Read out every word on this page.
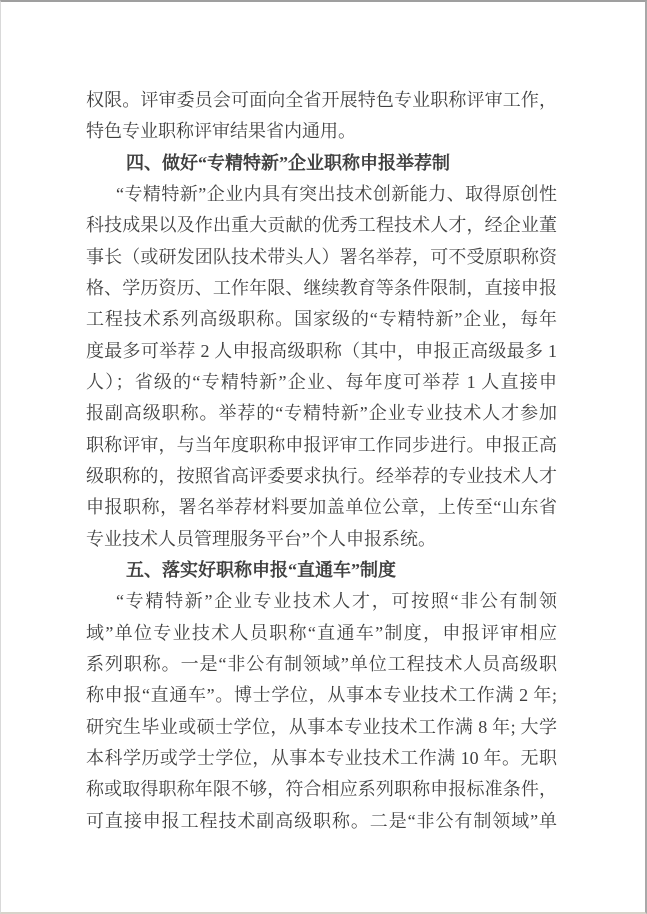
权限。评审委员会可面向全省开展特色专业职称评审工作，
特色专业职称评审结果省内通用。
四、做好“专精特新”企业职称申报举荐制
“专精特新”企业内具有突出技术创新能力、取得原创性
科技成果以及作出重大贡献的优秀工程技术人才，经企业董
事长（或研发团队技术带头人）署名举荐，可不受原职称资
格、学历资历、工作年限、继续教育等条件限制，直接申报
工程技术系列高级职称。国家级的“专精特新”企业，每年
度最多可举荐 2 人申报高级职称（其中，申报正高级最多 1
人）；省级的“专精特新”企业、每年度可举荐 1 人直接申
报副高级职称。举荐的“专精特新”企业专业技术人才参加
职称评审，与当年度职称申报评审工作同步进行。申报正高
级职称的，按照省高评委要求执行。经举荐的专业技术人才
申报职称，署名举荐材料要加盖单位公章，上传至“山东省
专业技术人员管理服务平台”个人申报系统。
五、落实好职称申报“直通车”制度
“专精特新”企业专业技术人才，可按照“非公有制领
域”单位专业技术人员职称“直通车”制度，申报评审相应
系列职称。一是“非公有制领域”单位工程技术人员高级职
称申报“直通车”。博士学位，从事本专业技术工作满 2 年;
研究生毕业或硕士学位，从事本专业技术工作满 8 年; 大学
本科学历或学士学位，从事本专业技术工作满 10 年。无职
称或取得职称年限不够，符合相应系列职称申报标准条件，
可直接申报工程技术副高级职称。二是“非公有制领域”单
